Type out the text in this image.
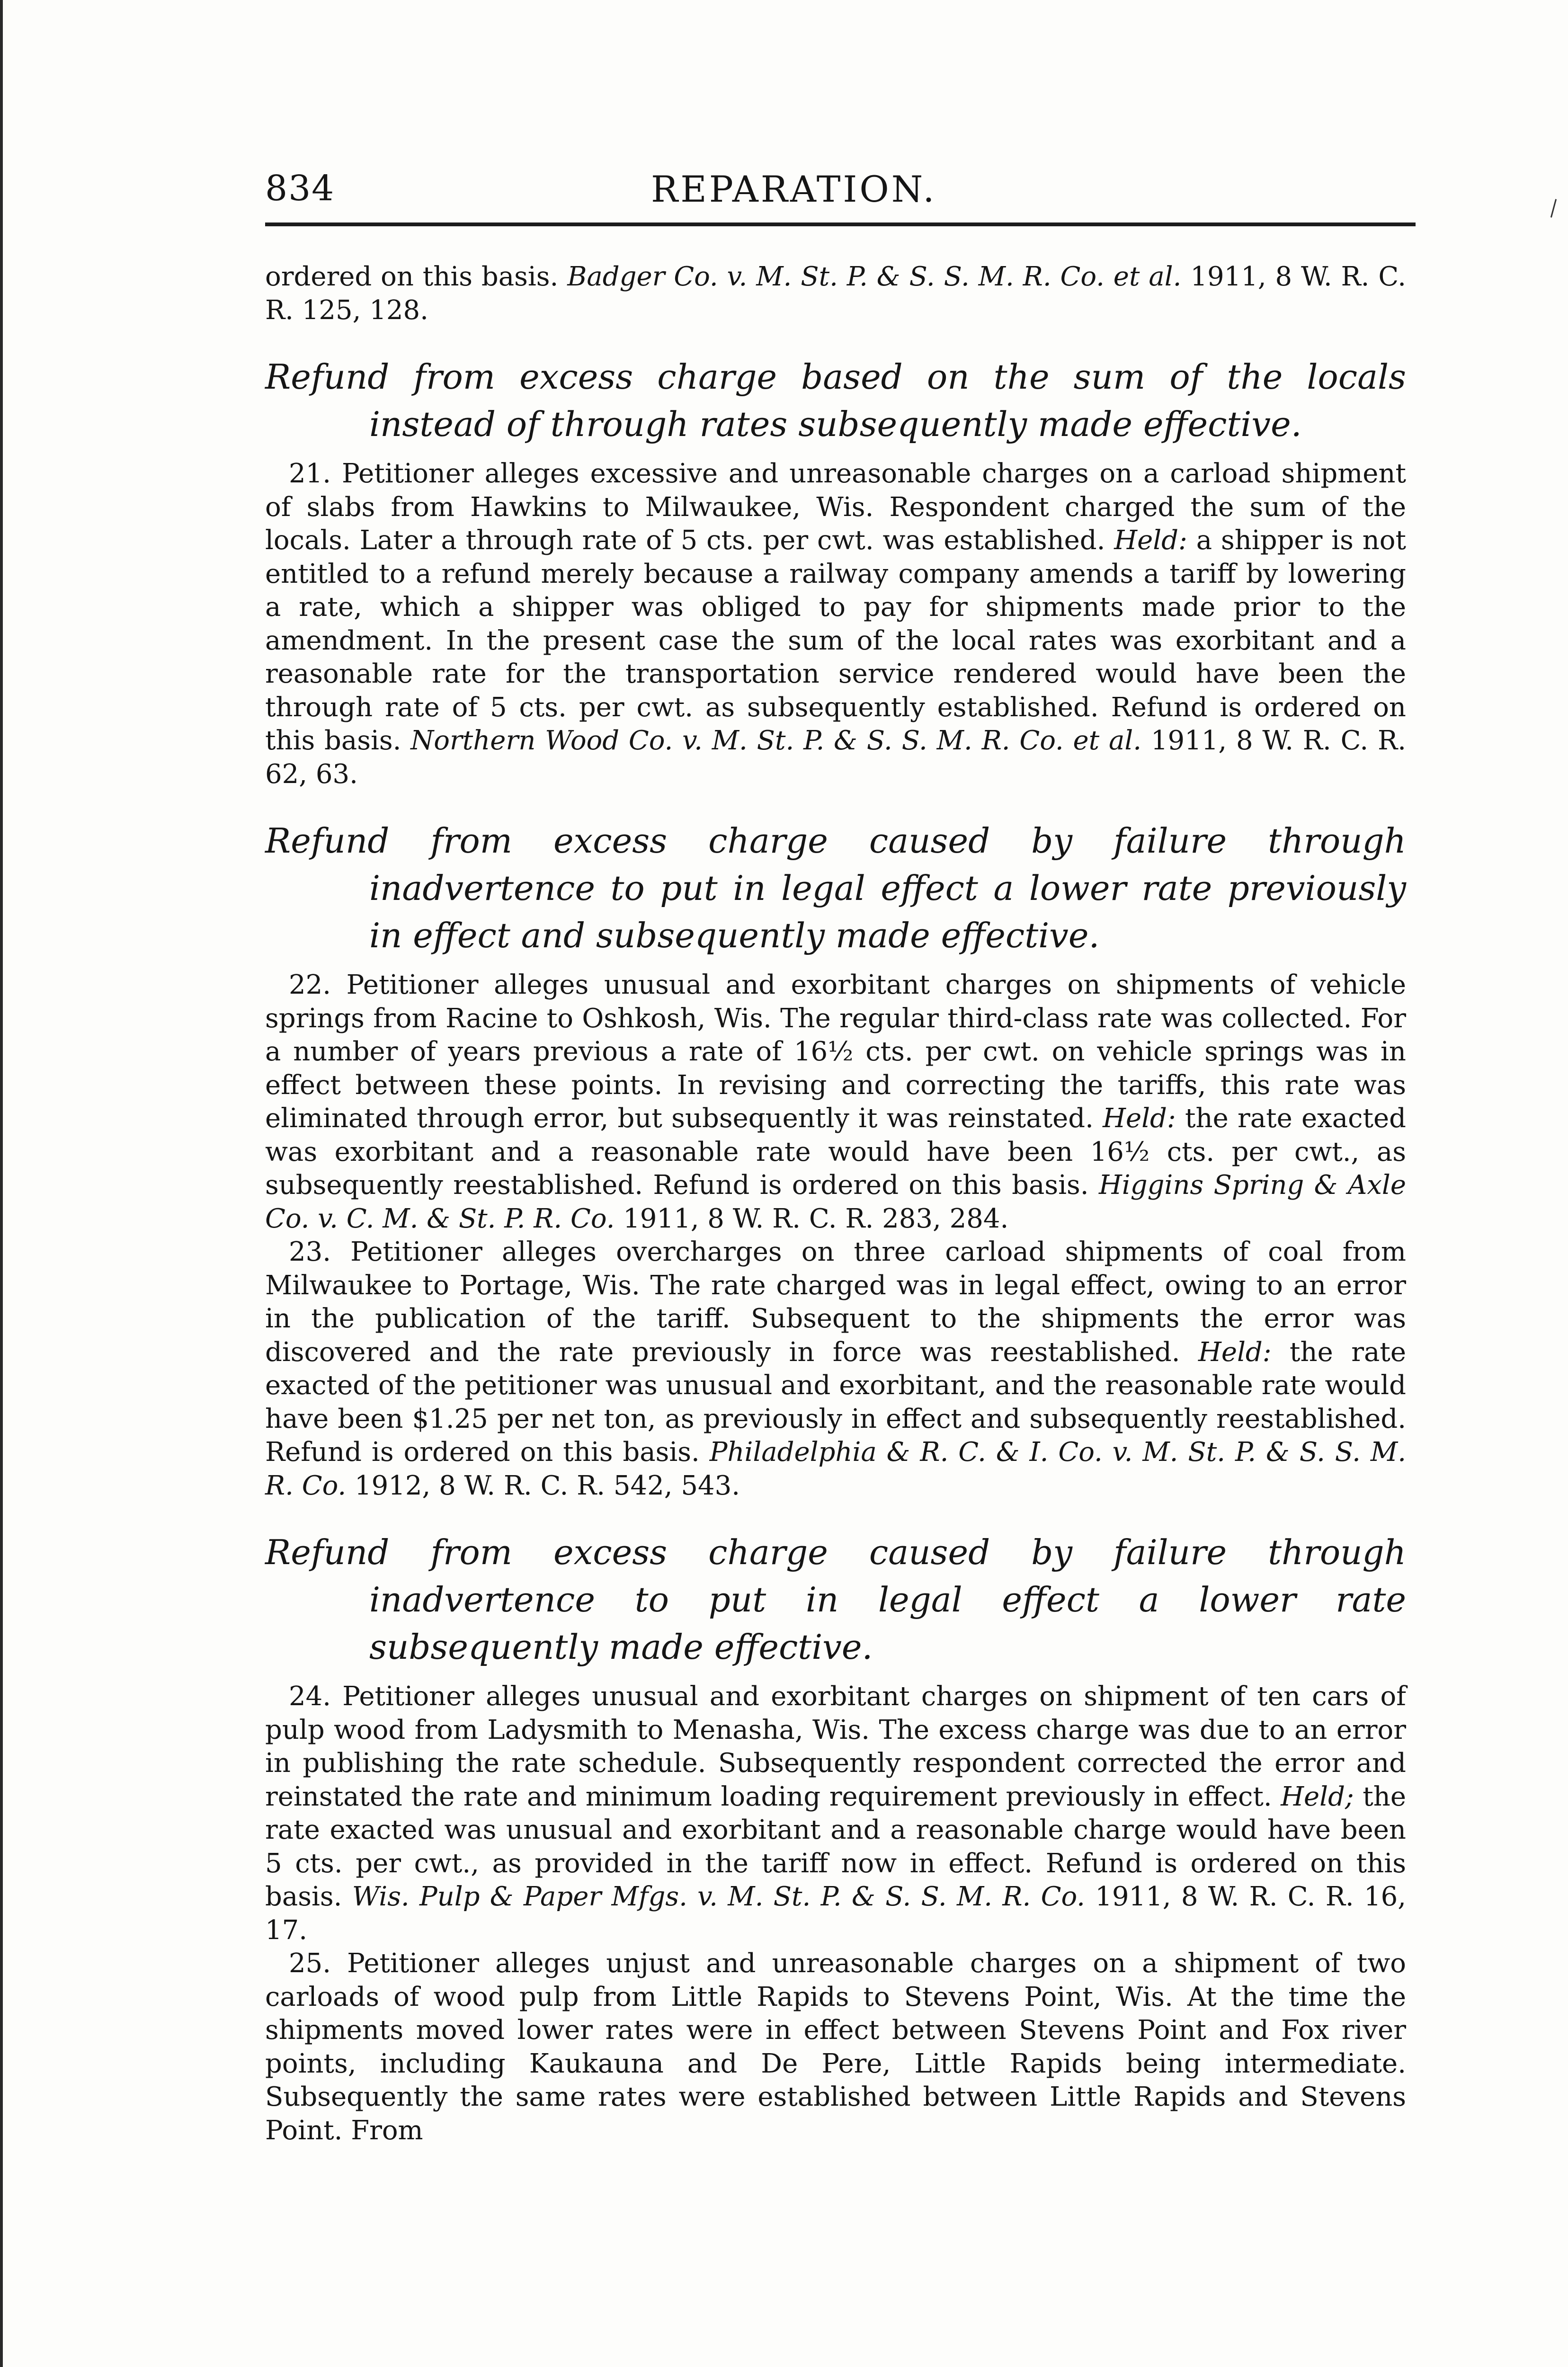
834	REPARATION.

ordered on this basis. Badger Co. v. M. St. P. & S. S. M. R. Co. et al. 1911, 8 W. R. C. R. 125, 128.

Refund from excess charge based on the sum of the locals instead of through rates subsequently made effective.

21. Petitioner alleges excessive and unreasonable charges on a carload shipment of slabs from Hawkins to Milwaukee, Wis. Respondent charged the sum of the locals. Later a through rate of 5 cts. per cwt. was established. Held: a shipper is not entitled to a refund merely because a railway company amends a tariff by lowering a rate, which a shipper was obliged to pay for shipments made prior to the amendment. In the present case the sum of the local rates was exorbitant and a reasonable rate for the transportation service rendered would have been the through rate of 5 cts. per cwt. as subsequently established. Refund is ordered on this basis. Northern Wood Co. v. M. St. P. & S. S. M. R. Co. et al. 1911, 8 W. R. C. R. 62, 63.

Refund from excess charge caused by failure through inadvertence to put in legal effect a lower rate previously in effect and subsequently made effective.

22. Petitioner alleges unusual and exorbitant charges on shipments of vehicle springs from Racine to Oshkosh, Wis. The regular third-class rate was collected. For a number of years previous a rate of 16½ cts. per cwt. on vehicle springs was in effect between these points. In revising and correcting the tariffs, this rate was eliminated through error, but subsequently it was reinstated. Held: the rate exacted was exorbitant and a reasonable rate would have been 16½ cts. per cwt., as subsequently reestablished. Refund is ordered on this basis. Higgins Spring & Axle Co. v. C. M. & St. P. R. Co. 1911, 8 W. R. C. R. 283, 284.

23. Petitioner alleges overcharges on three carload shipments of coal from Milwaukee to Portage, Wis. The rate charged was in legal effect, owing to an error in the publication of the tariff. Subsequent to the shipments the error was discovered and the rate previously in force was reestablished. Held: the rate exacted of the petitioner was unusual and exorbitant, and the reasonable rate would have been $1.25 per net ton, as previously in effect and subsequently reestablished. Refund is ordered on this basis. Philadelphia & R. C. & I. Co. v. M. St. P. & S. S. M. R. Co. 1912, 8 W. R. C. R. 542, 543.

Refund from excess charge caused by failure through inadvertence to put in legal effect a lower rate subsequently made effective.

24. Petitioner alleges unusual and exorbitant charges on shipment of ten cars of pulp wood from Ladysmith to Menasha, Wis. The excess charge was due to an error in publishing the rate schedule. Subsequently respondent corrected the error and reinstated the rate and minimum loading requirement previously in effect. Held; the rate exacted was unusual and exorbitant and a reasonable charge would have been 5 cts. per cwt., as provided in the tariff now in effect. Refund is ordered on this basis. Wis. Pulp & Paper Mfgs. v. M. St. P. & S. S. M. R. Co. 1911, 8 W. R. C. R. 16, 17.

25. Petitioner alleges unjust and unreasonable charges on a shipment of two carloads of wood pulp from Little Rapids to Stevens Point, Wis. At the time the shipments moved lower rates were in effect between Stevens Point and Fox river points, including Kaukauna and De Pere, Little Rapids being intermediate. Subsequently the same rates were established between Little Rapids and Stevens Point. From
